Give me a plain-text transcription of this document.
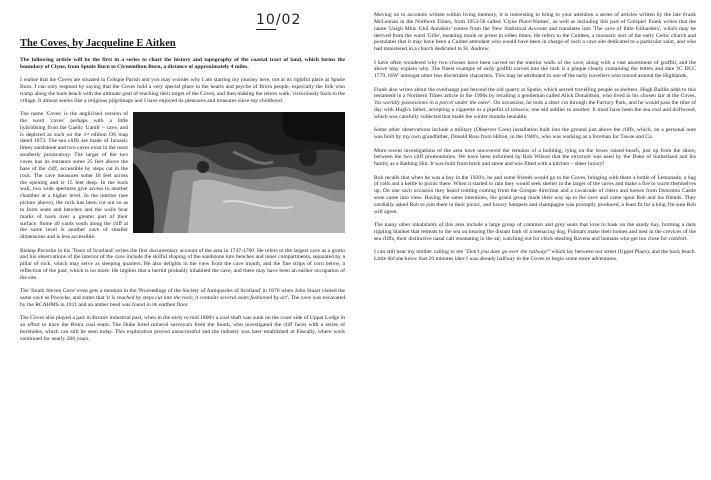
10/02
The Coves, by Jacqueline E Aitken

The following article will be the first in a series to chart the history and topography of the coastal tract of land, which forms the boundary of Clyne, from Sputie Burn to Clynemilton Burn, a distance of approximately 4 miles.

I realise that the Coves are situated in Golspie Parish and you may wonder why I am starting my journey here, not at its rightful place at Sputie Burn. I can only respond by saying that the Coves hold a very special place in the hearts and psyche of Brora people, especially the folk who tramp along the back beach with the ultimate goal of reaching their target of the Coves, and then making the return walk, victoriously back to the village. It almost seems like a religious pilgrimage and I have enjoyed its pleasures and treasures since my childhood.

The name 'Coves' is the anglicised version of the word 'caves' perhaps with a little hybridising from the Gaelic 'Uamh' – cave, and is depicted as such on the 1st edition OS map dated 1873. The sea cliffs are made of Jurassic limey sandstone and two caves exist in the most southerly promontory. The larger of the two caves has its entrance some 25 feet above the base of the cliff, accessible by steps cut in the rock. The cave measures some 18 feet across the opening and is 15 feet deep. In the back wall, two wide apertures give access to another chamber at a higher level. In the interior (see picture above), the rock has been cut out so as to form seats and benches and the walls bear marks of tools over a greater part of their surface. Some 40 yards south along the cliff at the same level is another cave of smaller dimensions and is less accessible.

Bishop Pococke in his 'Tours of Scotland' writes the first documentary account of the area in 1747-1760. He refers to the largest cave as a grotto and his observations of the interior of the cave include the skilful shaping of the sandstone into benches and inner compartments, separated by a pillar of rock, which may serve as sleeping quarters. He also delights in the view from the cave mouth, and the fine strips of corn below, a reflection of the past, which is no more. He implies that a hermit probably inhabited the cave, and there may have been an earlier occupation of the site.

The 'Strath Steven Cove' even gets a mention in the 'Proceedings of the Society of Antiquaries of Scotland' in 1870 when John Stuart visited the same cave as Pococke, and states that 'it is reached by steps cut into the rock; it contains several seats fashioned by art'. The cave was excavated by the RCAHMS in 1911 and an amber bead was found in its earthen floor.

The Coves also played a part in Brora's industrial past, when in the early to mid 1800's a coal shaft was sunk on the coast side of Uppat Lodge in an effort to trace the Brora coal seam. The Duke hired mineral surveyors from the South, who investigated the cliff faces with a series of boreholes, which can still be seen today. This exploration proved unsuccessful and the industry was later established at Fascally, where work continued for nearly 200 years.

Moving on to accounts written within living memory, it is interesting to bring to your attention a series of articles written by the late Frank McLennan in the Northern Times, from 1953-58 called 'Clyne Place-Names', as well as including this part of Golspie! Frank writes that the name 'Uaigh Mhic Ghil Anndreis' comes from the New Statistical Account and translates into 'The cave of little Gillanders', which may be derived from the word 'Gille', meaning monk or priest in olden times. He refers to the Culdees, a monastic sect of the early Celtic church and postulates that it may have been a Culdee attendant who would have been in charge of such a cave site dedicated to a particular saint, and who had ministered in a church dedicated to St. Andrew.

I have often wondered why two crosses have been carved on the interior walls of the cave, along with a vast assortment of graffiti, and the above may explain why. The finest example of early graffiti carved into the rock is a plaque clearly containing the letters and date 'IC DCC 1779, ISW' amongst other less discernible characters. This may be attributed to one of the early travellers who toured around the Highlands.

Frank also writes about the overhangs just beyond the old quarry at Sputie, which served travelling people as shelters. Hugh Baillie adds to this testament in a Northern Times article in the 1990s by recalling a gentleman called Alick Donaldson, who lived in his chosen lair at the Coves, 'his worldly possessions in a parcel under the oxter'. On occasions, he took a short cut through the Factory Park, and he would pass the time of day with Hugh's father, accepting a cigarette or a pipeful of tobacco, one old soldier to another. It must have been the sea coal and driftwood, which was carefully collected that made the winter months bearable.

Some other observations include a military (Observer Core) installation built into the ground just above the cliffs, which, on a personal note was built by my own grandfather, Donald Ross from Hilton, in the 1940's, who was working as a foreman for Tawse and Co.

More recent investigations of the area have uncovered the remains of a building, lying on the lower raised beach, just up from the shore, between the two cliff promontories. We have been informed by Rob Wilson that the structure was used by the Duke of Sutherland and his family as a Bathing Hut. It was built from brick and stone and was fitted with a kitchen – sheer luxury!

Rob recalls that when he was a boy in the 1920's, he and some friends would go to the Coves, bringing with them a bottle of Lemonade, a bag of rolls and a kettle to picnic there. When it started to rain they would seek shelter in the larger of the caves and make a fire to warm themselves up. On one such occasion they heard trotting coming from the Golspie direction and a cavalcade of riders and horses from Dunrobin Castle soon came into view. Having the same intentions, the grand group made their way up to the cave and came upon Rob and his friends. They cordially asked Rob to join them in their picnic, and luxury hampers and champagne was promptly produced, a feast fit for a king I'm sure Rob will agree.

The many other inhabitants of this area include a large group of common and grey seals that love to bask on the sandy bay, forming a dark rippling blanket that retreats to the sea on hearing the distant bark of a menacing dog. Fulmars make their homes and nest in the crevices of the sea cliffs, their distinctive nasal call resonating in the air, watching out for chick-stealing Ravens and humans who get too close for comfort.

I can still hear my mother calling to me "Don't you dare go over the railway!" which lay between our street (Uppat Place), and the back beach. Little did she know that 20 minutes later I was already halfway to the Coves to begin some more adventures.
